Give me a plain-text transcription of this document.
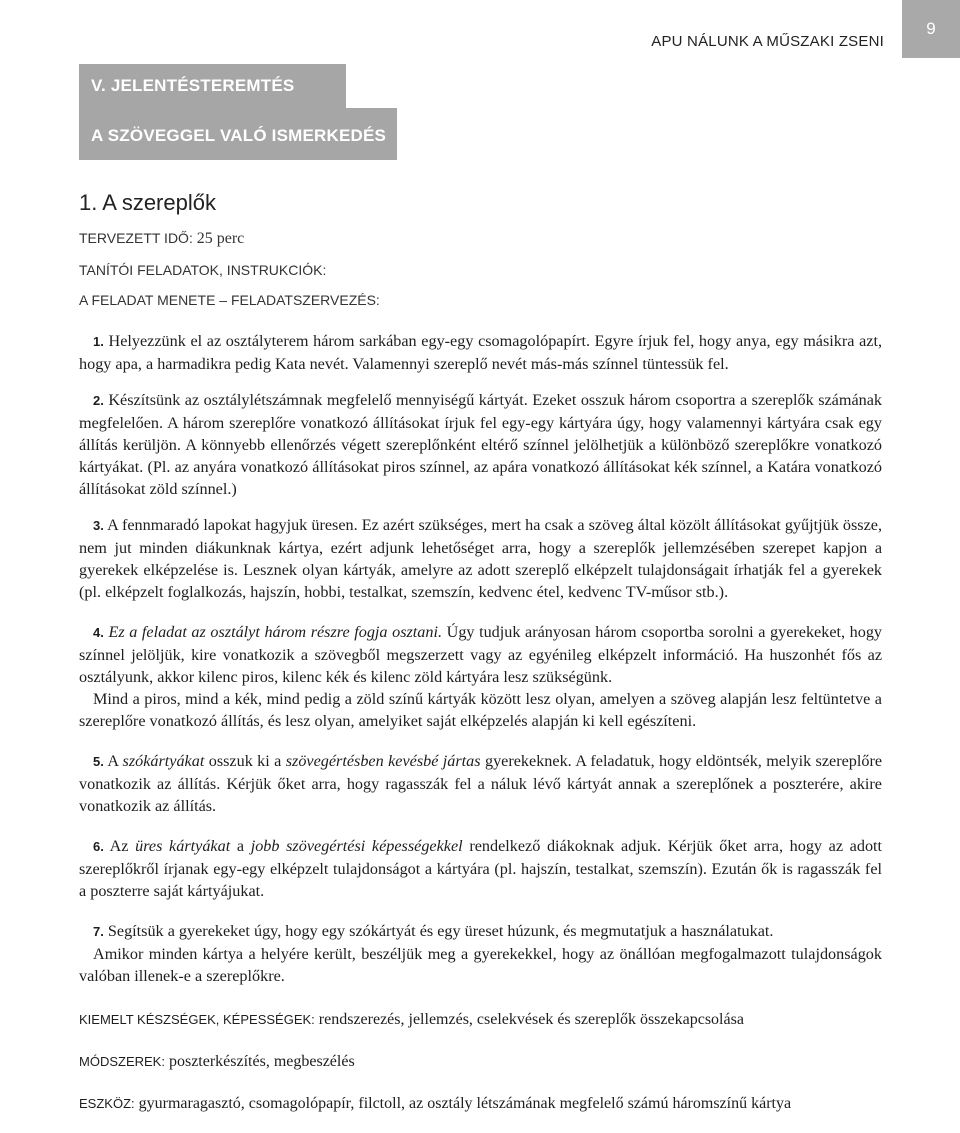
APU NÁLUNK A MŰSZAKI ZSENI
9
V. JELENTÉSTEREMTÉS
A SZÖVEGGEL VALÓ ISMERKEDÉS
1. A szereplők
TERVEZETT IDŐ: 25 perc
TANÍTÓI FELADATOK, INSTRUKCIÓK:
A FELADAT MENETE – FELADATSZERVEZÉS:

1. Helyezzünk el az osztályterem három sarkában egy-egy csomagolópapírt. Egyre írjuk fel, hogy anya, egy másikra azt, hogy apa, a harmadikra pedig Kata nevét. Valamennyi szereplő nevét más-más színnel tüntessük fel.

2. Készítsünk az osztálylétszámnak megfelelő mennyiségű kártyát. Ezeket osszuk három csoportra a szereplők számának megfelelően. A három szereplőre vonatkozó állításokat írjuk fel egy-egy kártyára úgy, hogy valamennyi kártyára csak egy állítás kerüljön. A könnyebb ellenőrzés végett szereplőnként eltérő színnel jelölhetjük a különböző szereplőkre vonatkozó kártyákat. (Pl. az anyára vonatkozó állításokat piros színnel, az apára vonatkozó állításokat kék színnel, a Katára vonatkozó állításokat zöld színnel.)

3. A fennmaradó lapokat hagyjuk üresen. Ez azért szükséges, mert ha csak a szöveg által közölt állításokat gyűjtjük össze, nem jut minden diákunknak kártya, ezért adjunk lehetőséget arra, hogy a szereplők jellemzésében szerepet kapjon a gyerekek elképzelése is. Lesznek olyan kártyák, amelyre az adott szereplő elképzelt tulajdonságait írhatják fel a gyerekek (pl. elképzelt foglalkozás, hajszín, hobbi, testalkat, szemszín, kedvenc étel, kedvenc TV-műsor stb.).

4. Ez a feladat az osztályt három részre fogja osztani. Úgy tudjuk arányosan három csoportba sorolni a gyerekeket, hogy színnel jelöljük, kire vonatkozik a szövegből megszerzett vagy az egyénileg elképzelt információ. Ha huszonhét fős az osztályunk, akkor kilenc piros, kilenc kék és kilenc zöld kártyára lesz szükségünk.

Mind a piros, mind a kék, mind pedig a zöld színű kártyák között lesz olyan, amelyen a szöveg alapján lesz feltüntetve a szereplőre vonatkozó állítás, és lesz olyan, amelyiket saját elképzelés alapján ki kell egészíteni.

5. A szókártyákat osszuk ki a szövegértésben kevésbé jártas gyerekeknek. A feladatuk, hogy eldöntsék, melyik szereplőre vonatkozik az állítás. Kérjük őket arra, hogy ragasszák fel a náluk lévő kártyát annak a szereplőnek a poszterére, akire vonatkozik az állítás.

6. Az üres kártyákat a jobb szövegértési képességekkel rendelkező diákoknak adjuk. Kérjük őket arra, hogy az adott szereplőkről írjanak egy-egy elképzelt tulajdonságot a kártyára (pl. hajszín, testalkat, szemszín). Ezután ők is ragasszák fel a poszterre saját kártyájukat.

7. Segítsük a gyerekeket úgy, hogy egy szókártyát és egy üreset húzunk, és megmutatjuk a használatukat.

Amikor minden kártya a helyére került, beszéljük meg a gyerekekkel, hogy az önállóan megfogalmazott tulajdonságok valóban illenek-e a szereplőkre.

KIEMELT KÉSZSÉGEK, KÉPESSÉGEK: rendszerezés, jellemzés, cselekvések és szereplők összekapcsolása
MÓDSZEREK: poszterkészítés, megbeszélés
ESZKÖZ: gyurmaragasztó, csomagolópapír, filctoll, az osztály létszámának megfelelő számú háromszínű kártya
